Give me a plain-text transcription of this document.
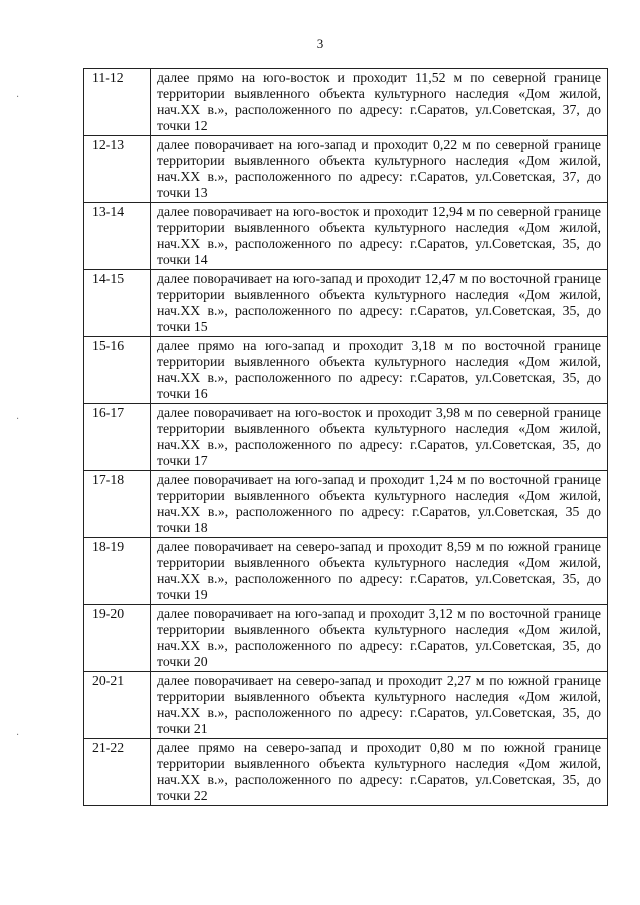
3
·
·
·
11-12	далее прямо на юго-восток и проходит 11,52 м по северной границе территории выявленного объекта культурного наследия «Дом жилой, нач.XX в.», расположенного по адресу: г.Саратов, ул.Советская, 37, до точки 12
12-13	далее поворачивает на юго-запад и проходит 0,22 м по северной границе территории выявленного объекта культурного наследия «Дом жилой, нач.XX в.», расположенного по адресу: г.Саратов, ул.Советская, 37, до точки 13
13-14	далее поворачивает на юго-восток и проходит 12,94 м по северной границе территории выявленного объекта культурного наследия «Дом жилой, нач.XX в.», расположенного по адресу: г.Саратов, ул.Советская, 35, до точки 14
14-15	далее поворачивает на юго-запад и проходит 12,47 м по восточной границе территории выявленного объекта культурного наследия «Дом жилой, нач.XX в.», расположенного по адресу: г.Саратов, ул.Советская, 35, до точки 15
15-16	далее прямо на юго-запад и проходит 3,18 м по восточной границе территории выявленного объекта культурного наследия «Дом жилой, нач.XX в.», расположенного по адресу: г.Саратов, ул.Советская, 35, до точки 16
16-17	далее поворачивает на юго-восток и проходит 3,98 м по северной границе территории выявленного объекта культурного наследия «Дом жилой, нач.XX в.», расположенного по адресу: г.Саратов, ул.Советская, 35, до точки 17
17-18	далее поворачивает на юго-запад и проходит 1,24 м по восточной границе территории выявленного объекта культурного наследия «Дом жилой, нач.XX в.», расположенного по адресу: г.Саратов, ул.Советская, 35 до точки 18
18-19	далее поворачивает на северо-запад и проходит 8,59 м по южной границе территории выявленного объекта культурного наследия «Дом жилой, нач.XX в.», расположенного по адресу: г.Саратов, ул.Советская, 35, до точки 19
19-20	далее поворачивает на юго-запад и проходит 3,12 м по восточной границе территории выявленного объекта культурного наследия «Дом жилой, нач.XX в.», расположенного по адресу: г.Саратов, ул.Советская, 35, до точки 20
20-21	далее поворачивает на северо-запад и проходит 2,27 м по южной границе территории выявленного объекта культурного наследия «Дом жилой, нач.XX в.», расположенного по адресу: г.Саратов, ул.Советская, 35, до точки 21
21-22	далее прямо на северо-запад и проходит 0,80 м по южной границе территории выявленного объекта культурного наследия «Дом жилой, нач.XX в.», расположенного по адресу: г.Саратов, ул.Советская, 35, до точки 22
